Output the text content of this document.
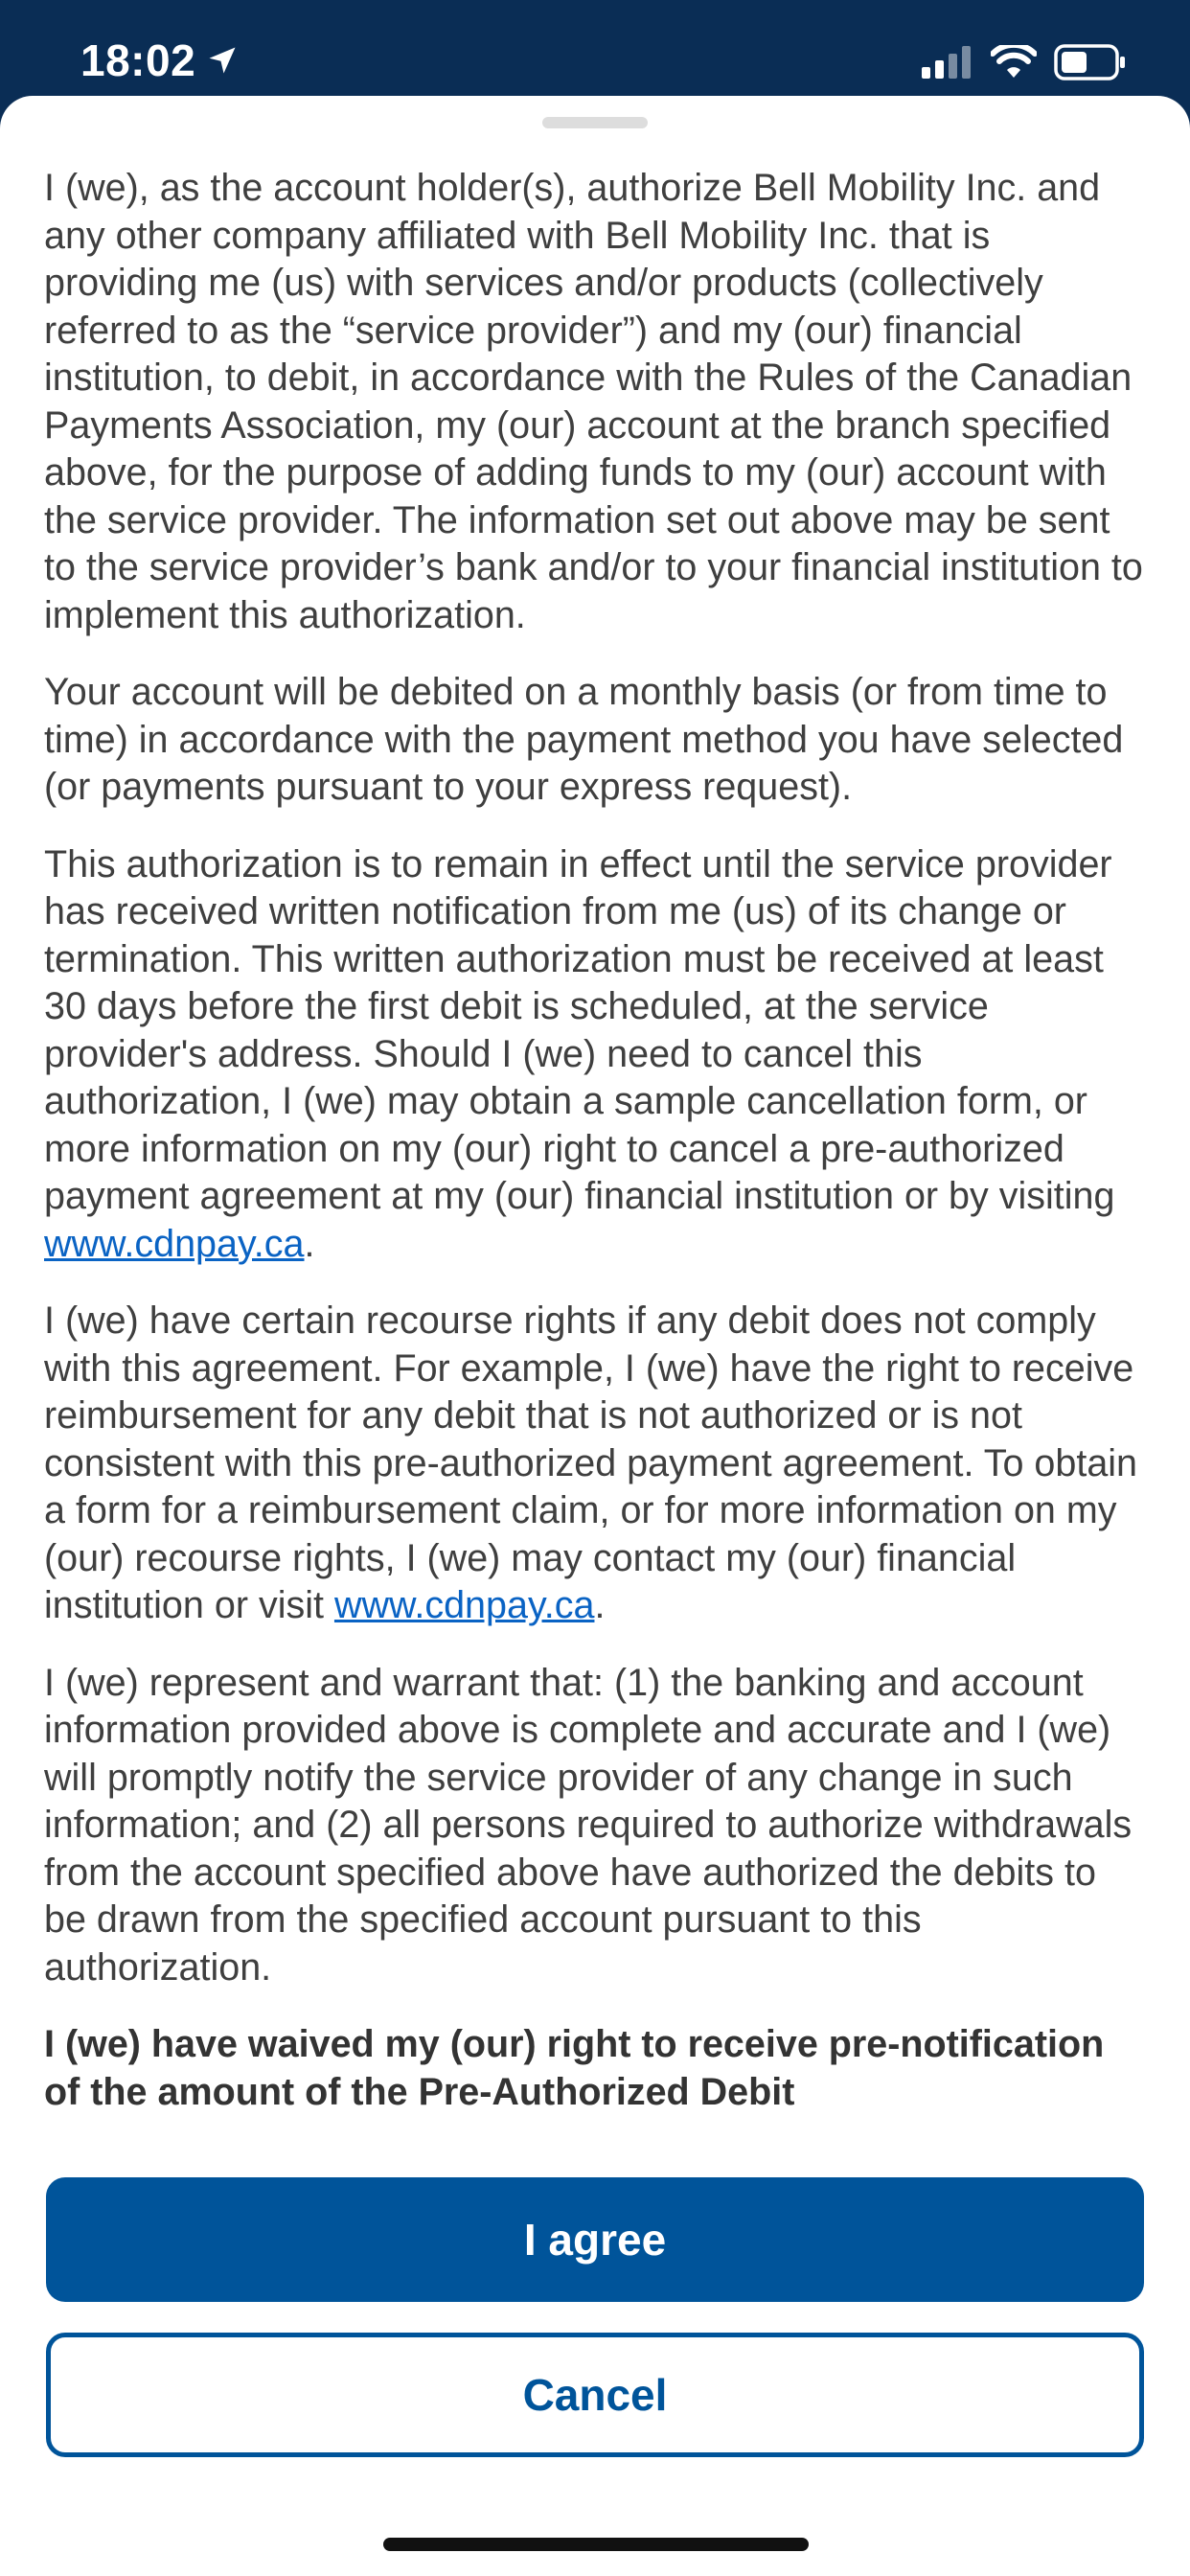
18:02

I (we), as the account holder(s), authorize Bell Mobility Inc. and any other company affiliated with Bell Mobility Inc. that is providing me (us) with services and/or products (collectively referred to as the “service provider”) and my (our) financial institution, to debit, in accordance with the Rules of the Canadian Payments Association, my (our) account at the branch specified above, for the purpose of adding funds to my (our) account with the service provider. The information set out above may be sent to the service provider’s bank and/or to your financial institution to implement this authorization.

Your account will be debited on a monthly basis (or from time to time) in accordance with the payment method you have selected (or payments pursuant to your express request).

This authorization is to remain in effect until the service provider has received written notification from me (us) of its change or termination. This written authorization must be received at least 30 days before the first debit is scheduled, at the service provider's address. Should I (we) need to cancel this authorization, I (we) may obtain a sample cancellation form, or more information on my (our) right to cancel a pre-authorized payment agreement at my (our) financial institution or by visiting www.cdnpay.ca.

I (we) have certain recourse rights if any debit does not comply with this agreement. For example, I (we) have the right to receive reimbursement for any debit that is not authorized or is not consistent with this pre-authorized payment agreement. To obtain a form for a reimbursement claim, or for more information on my (our) recourse rights, I (we) may contact my (our) financial institution or visit www.cdnpay.ca.

I (we) represent and warrant that: (1) the banking and account information provided above is complete and accurate and I (we) will promptly notify the service provider of any change in such information; and (2) all persons required to authorize withdrawals from the account specified above have authorized the debits to be drawn from the specified account pursuant to this authorization.

I (we) have waived my (our) right to receive pre-notification of the amount of the Pre-Authorized Debit

I agree
Cancel
